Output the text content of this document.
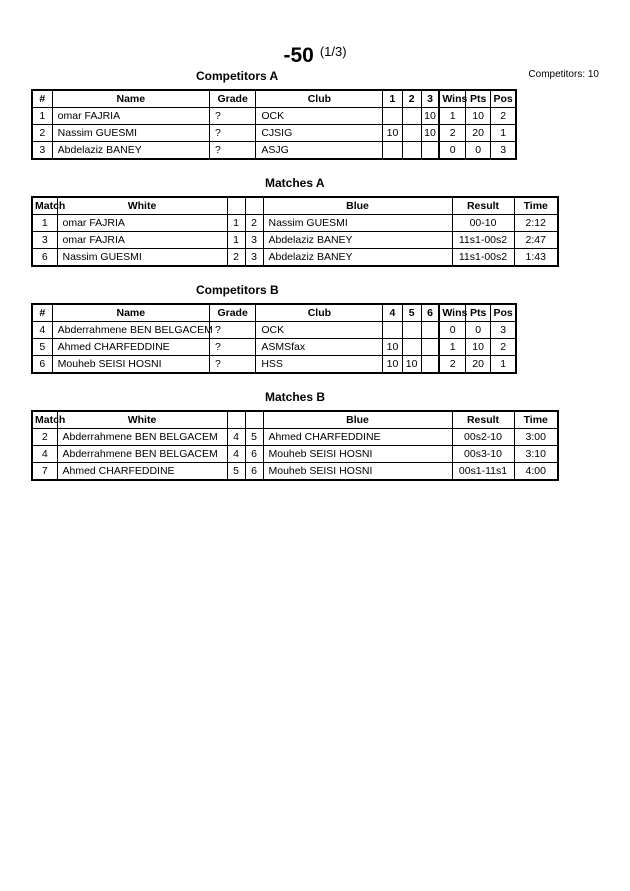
-50 (1/3)
Competitors: 10
Competitors A
#	Name	Grade	Club	1	2	3	Wins	Pts	Pos
1	omar FAJRIA	?	OCK			10	1	10	2
2	Nassim GUESMI	?	CJSIG	10		10	2	20	1
3	Abdelaziz BANEY	?	ASJG				0	0	3
Matches A
Match	White			Blue	Result	Time
1	omar FAJRIA	1	2	Nassim GUESMI	00-10	2:12
3	omar FAJRIA	1	3	Abdelaziz BANEY	11s1-00s2	2:47
6	Nassim GUESMI	2	3	Abdelaziz BANEY	11s1-00s2	1:43
Competitors B
#	Name	Grade	Club	4	5	6	Wins	Pts	Pos
4	Abderrahmene BEN BELGACEM	?	OCK				0	0	3
5	Ahmed CHARFEDDINE	?	ASMSfax	10			1	10	2
6	Mouheb SEISI HOSNI	?	HSS	10	10		2	20	1
Matches B
Match	White			Blue	Result	Time
2	Abderrahmene BEN BELGACEM	4	5	Ahmed CHARFEDDINE	00s2-10	3:00
4	Abderrahmene BEN BELGACEM	4	6	Mouheb SEISI HOSNI	00s3-10	3:10
7	Ahmed CHARFEDDINE	5	6	Mouheb SEISI HOSNI	00s1-11s1	4:00
